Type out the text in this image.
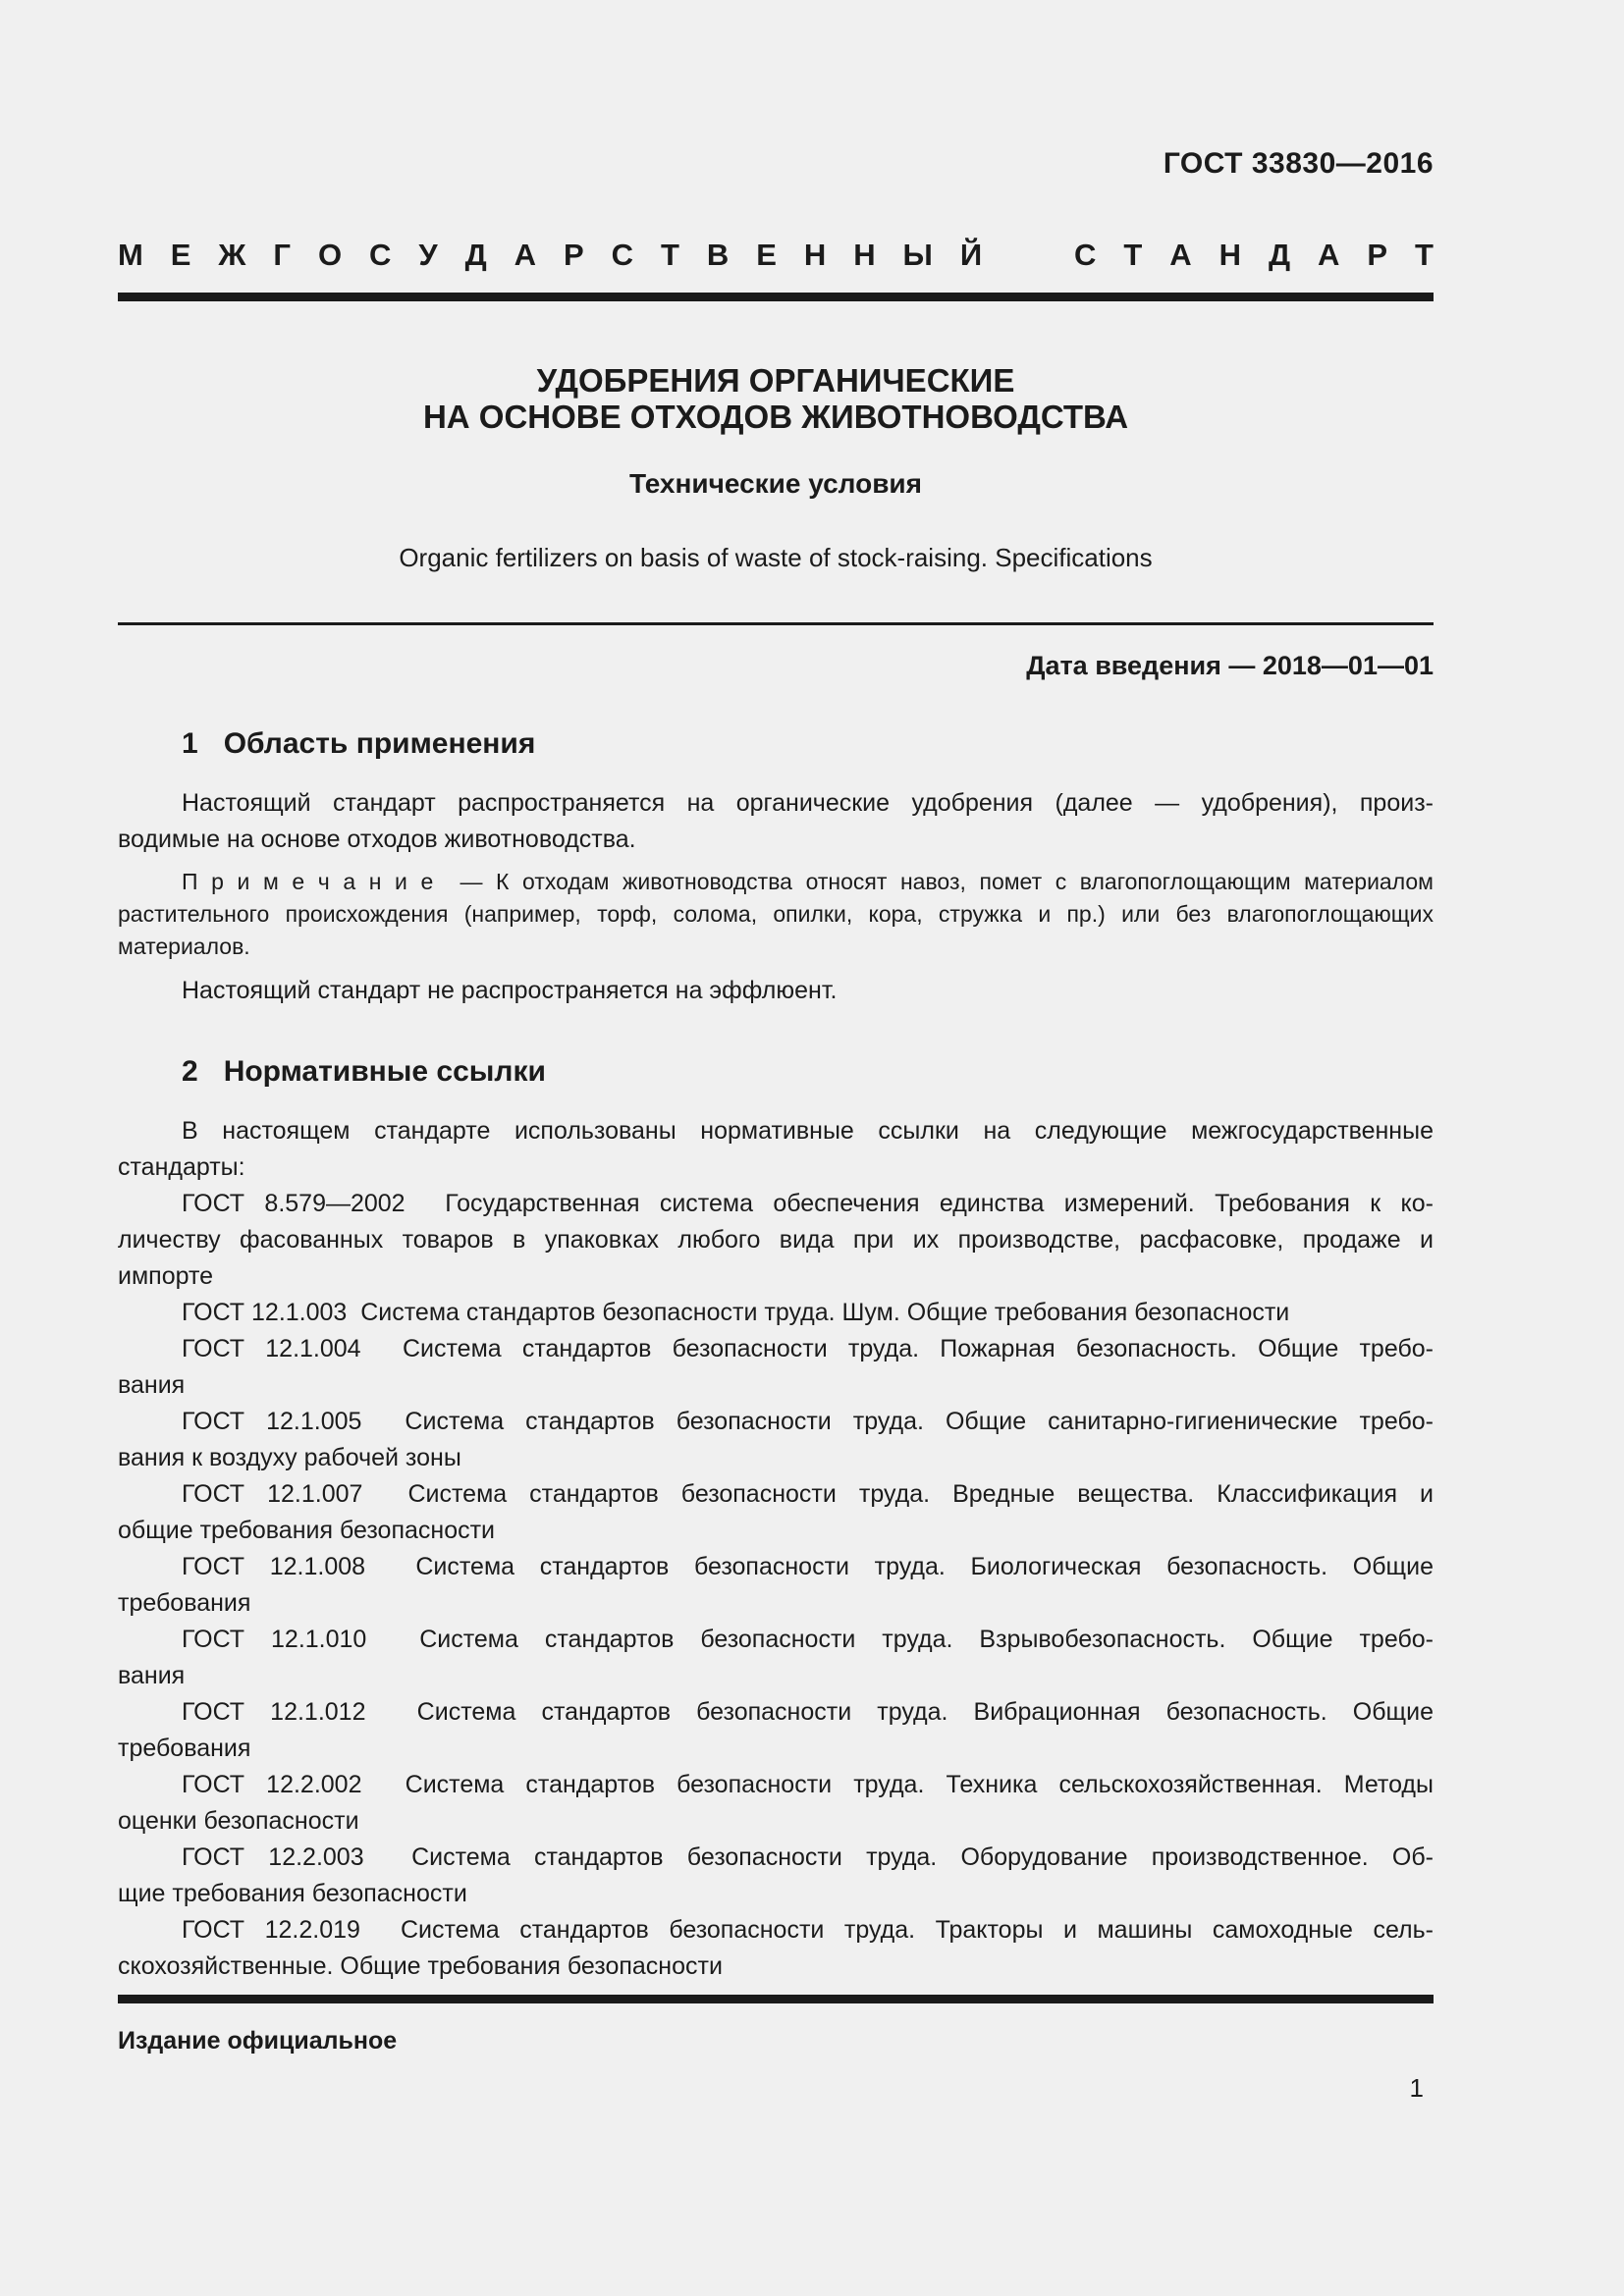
ГОСТ 33830—2016
М Е Ж Г О С У Д А Р С Т В Е Н Н Ы Й	С Т А Н Д А Р Т
УДОБРЕНИЯ ОРГАНИЧЕСКИЕ
НА ОСНОВЕ ОТХОДОВ ЖИВОТНОВОДСТВА
Технические условия
Organic fertilizers on basis of waste of stock-raising. Specifications
Дата введения — 2018—01—01
1 Область применения
Настоящий стандарт распространяется на органические удобрения (далее — удобрения), произ-
водимые на основе отходов животноводства.
П р и м е ч а н и е  — К отходам животноводства относят навоз, помет с влагопоглощающим материалом
растительного происхождения (например, торф, солома, опилки, кора, стружка и пр.) или без влагопоглощающих
материалов.
Настоящий стандарт не распространяется на эффлюент.
2 Нормативные ссылки
В настоящем стандарте использованы нормативные ссылки на следующие межгосударственные
стандарты:
ГОСТ 8.579—2002  Государственная система обеспечения единства измерений. Требования к ко-
личеству фасованных товаров в упаковках любого вида при их производстве, расфасовке, продаже и
импорте
ГОСТ 12.1.003  Система стандартов безопасности труда. Шум. Общие требования безопасности
ГОСТ 12.1.004  Система стандартов безопасности труда. Пожарная безопасность. Общие требо-
вания
ГОСТ 12.1.005  Система стандартов безопасности труда. Общие санитарно-гигиенические требо-
вания к воздуху рабочей зоны
ГОСТ 12.1.007  Система стандартов безопасности труда. Вредные вещества. Классификация и
общие требования безопасности
ГОСТ 12.1.008  Система стандартов безопасности труда. Биологическая безопасность. Общие
требования
ГОСТ 12.1.010  Система стандартов безопасности труда. Взрывобезопасность. Общие требо-
вания
ГОСТ 12.1.012  Система стандартов безопасности труда. Вибрационная безопасность. Общие
требования
ГОСТ 12.2.002  Система стандартов безопасности труда. Техника сельскохозяйственная. Методы
оценки безопасности
ГОСТ 12.2.003  Система стандартов безопасности труда. Оборудование производственное. Об-
щие требования безопасности
ГОСТ 12.2.019  Система стандартов безопасности труда. Тракторы и машины самоходные сель-
скохозяйственные. Общие требования безопасности
Издание официальное
1
